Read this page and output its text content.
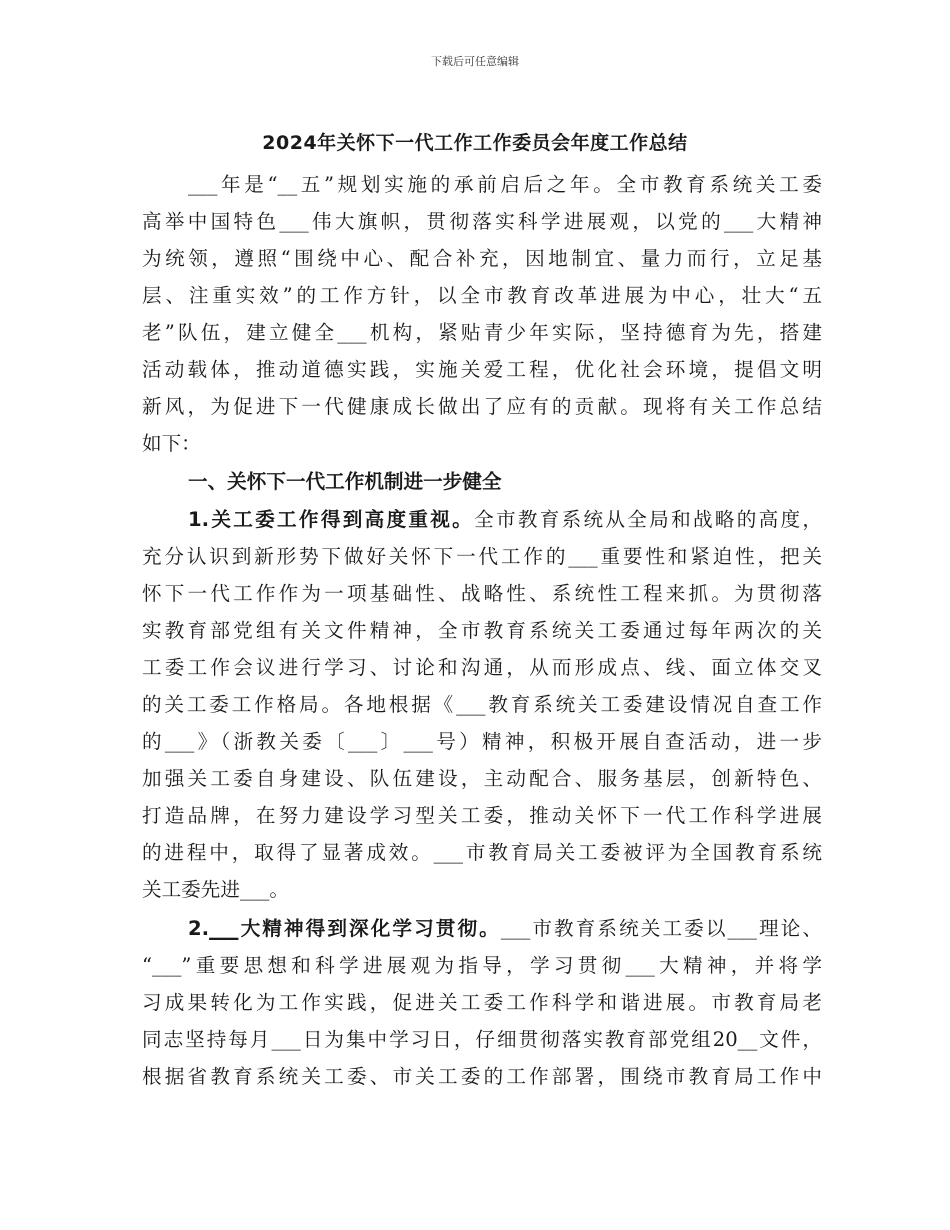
下载后可任意编辑
2024年关怀下一代工作工作委员会年度工作总结
___年是“__五”规划实施的承前启后之年。全市教育系统关工委
高举中国特色___伟大旗帜，贯彻落实科学进展观，以党的___大精神
为统领，遵照“围绕中心、配合补充，因地制宜、量力而行，立足基
层、注重实效”的工作方针，以全市教育改革进展为中心，壮大“五
老”队伍，建立健全___机构，紧贴青少年实际，坚持德育为先，搭建
活动载体，推动道德实践，实施关爱工程，优化社会环境，提倡文明
新风，为促进下一代健康成长做出了应有的贡献。现将有关工作总结
如下：
一、关怀下一代工作机制进一步健全
1.关工委工作得到高度重视。全市教育系统从全局和战略的高度，
充分认识到新形势下做好关怀下一代工作的___重要性和紧迫性，把关
怀下一代工作作为一项基础性、战略性、系统性工程来抓。为贯彻落
实教育部党组有关文件精神，全市教育系统关工委通过每年两次的关
工委工作会议进行学习、讨论和沟通，从而形成点、线、面立体交叉
的关工委工作格局。各地根据《___教育系统关工委建设情况自查工作
的___》（浙教关委〔___〕___号）精神，积极开展自查活动，进一步
加强关工委自身建设、队伍建设，主动配合、服务基层，创新特色、
打造品牌，在努力建设学习型关工委，推动关怀下一代工作科学进展
的进程中，取得了显著成效。___市教育局关工委被评为全国教育系统
关工委先进___。
2.___大精神得到深化学习贯彻。___市教育系统关工委以___理论、
“___”重要思想和科学进展观为指导，学习贯彻___大精神，并将学
习成果转化为工作实践，促进关工委工作科学和谐进展。市教育局老
同志坚持每月___日为集中学习日，仔细贯彻落实教育部党组20__文件，
根据省教育系统关工委、市关工委的工作部署，围绕市教育局工作中
